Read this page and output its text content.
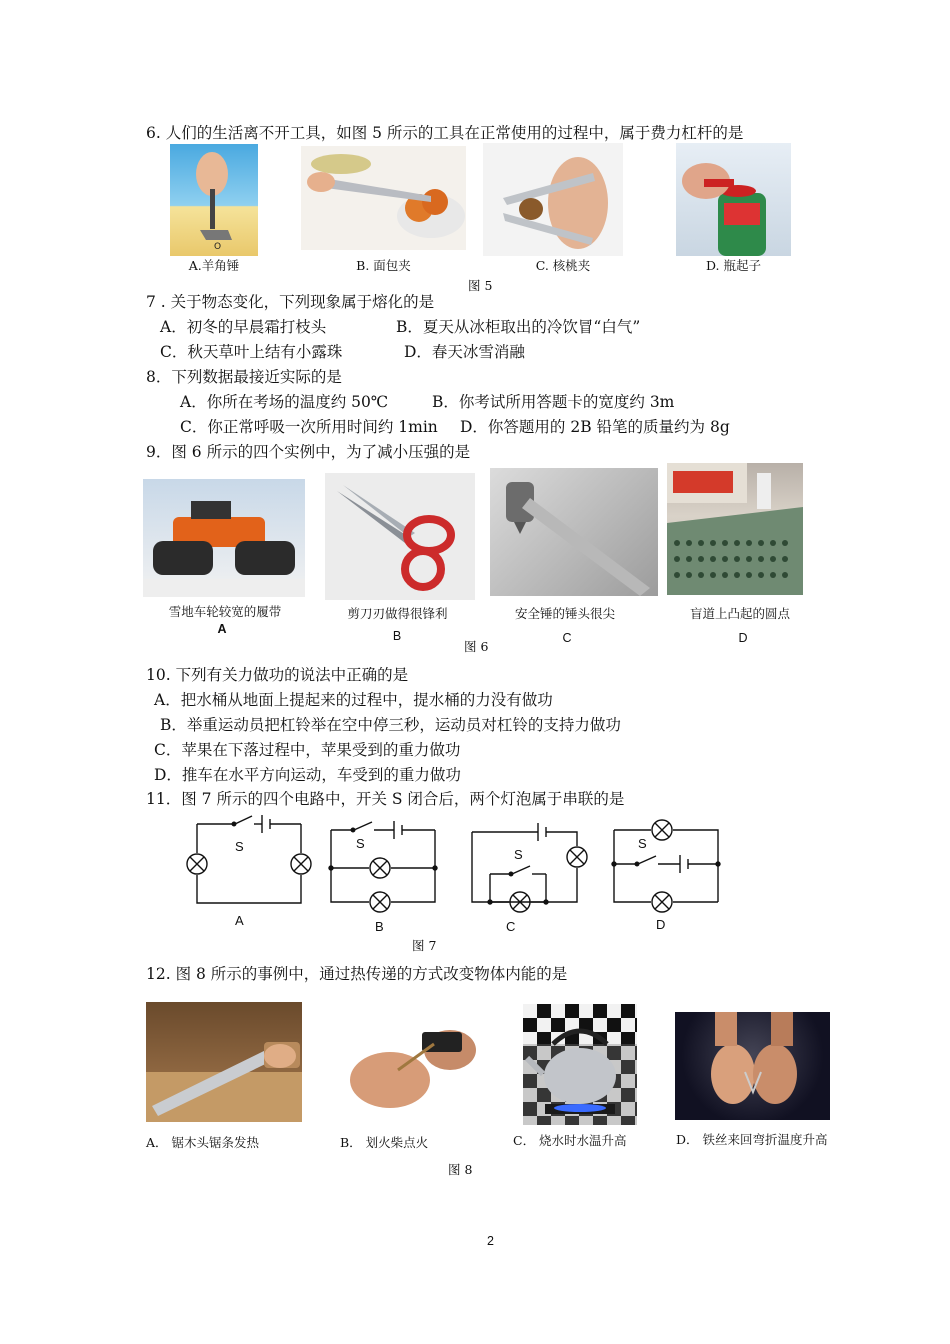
6. 人们的生活离不开工具，如图 5 所示的工具在正常使用的过程中，属于费力杠杆的是
O
A.羊角锤	B. 面包夹	C. 核桃夹	D. 瓶起子
图 5
7 . 关于物态变化，下列现象属于熔化的是
A．初冬的早晨霜打枝头	B．夏天从冰柜取出的冷饮冒“白气”
C．秋天草叶上结有小露珠	D．春天冰雪消融
8．下列数据最接近实际的是
A．你所在考场的温度约 50℃	B．你考试所用答题卡的宽度约 3m
C．你正常呼吸一次所用时间约 1min D．你答题用的 2B 铅笔的质量约为 8g
9．图 6 所示的四个实例中，为了减小压强的是
雪地车轮较宽的履带
A
剪刀刃做得很锋利
B
安全锤的锤头很尖
C
盲道上凸起的圆点
D
图 6
10. 下列有关力做功的说法中正确的是
A．把水桶从地面上提起来的过程中，提水桶的力没有做功
B．举重运动员把杠铃举在空中停三秒，运动员对杠铃的支持力做功
C．苹果在下落过程中，苹果受到的重力做功
D．推车在水平方向运动，车受到的重力做功
11．图 7 所示的四个电路中，开关 S 闭合后，两个灯泡属于串联的是
S	S
S
S
A	B	C	D
图 7
12. 图 8 所示的事例中，通过热传递的方式改变物体内能的是
A． 锯木头锯条发热	B． 划火柴点火	C． 烧水时水温升高	D． 铁丝来回弯折温度升高
图 8
2
